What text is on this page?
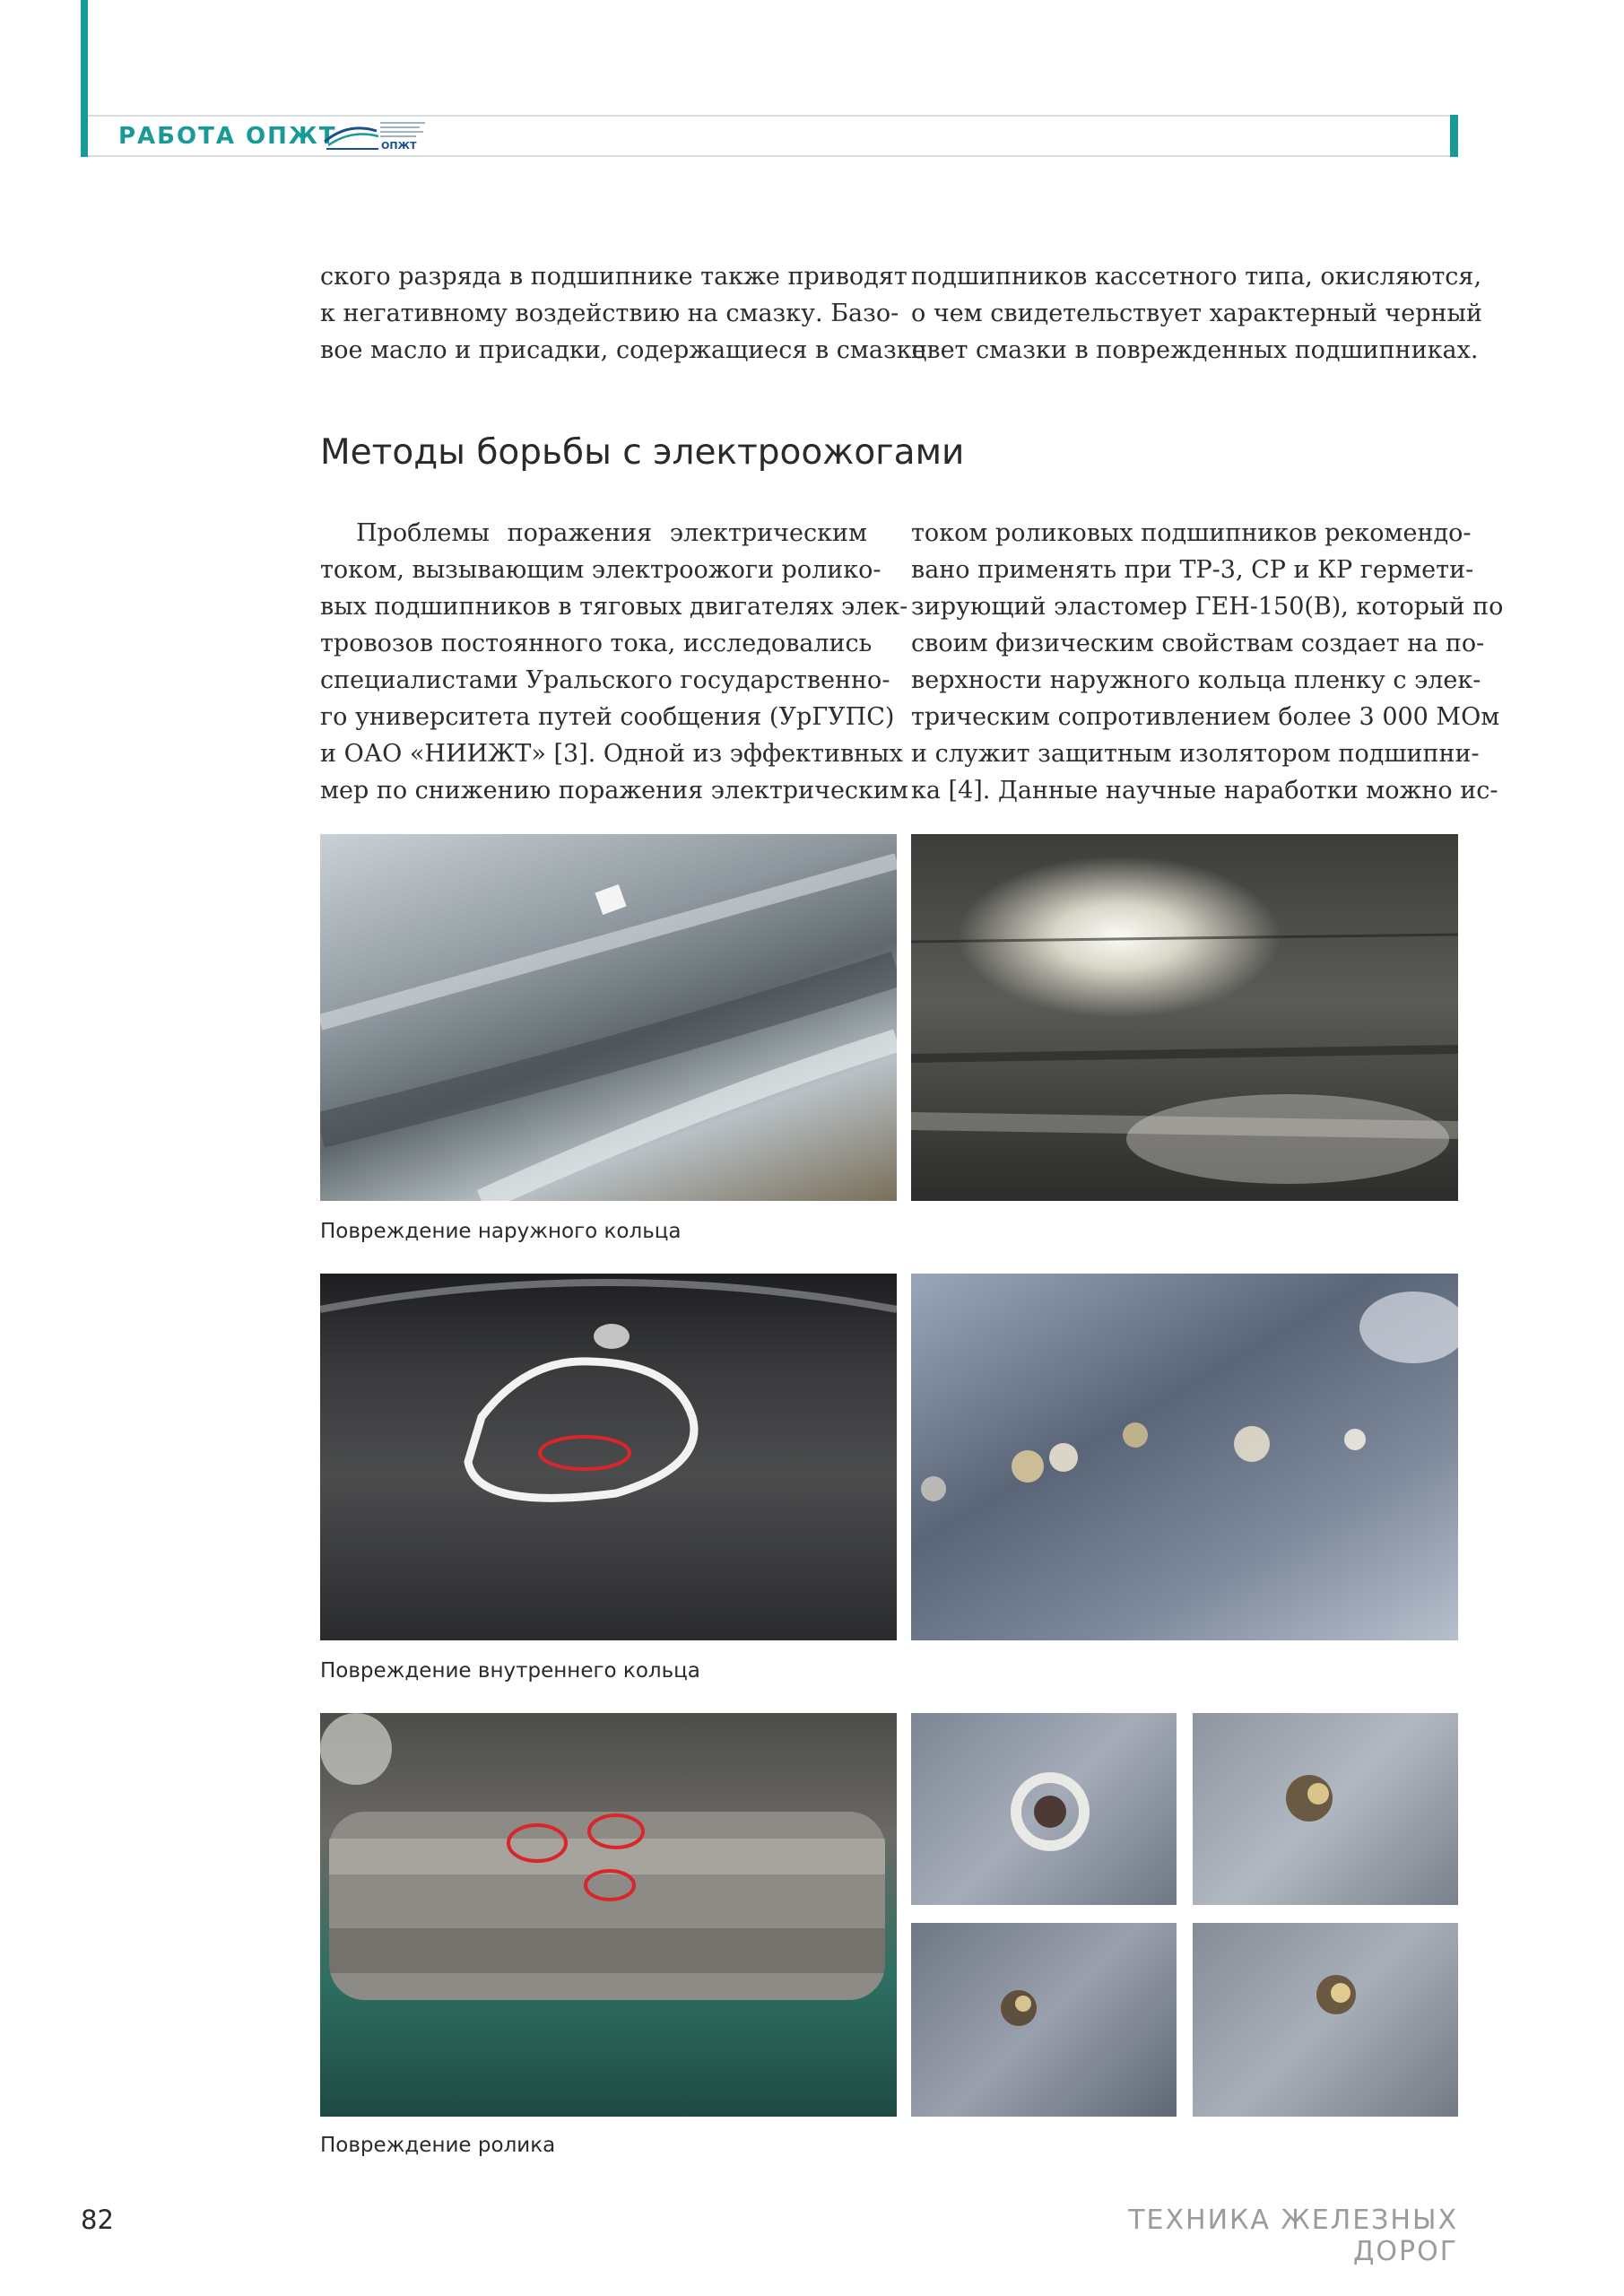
РАБОТА ОПЖТ	ОПЖТ
ского разряда в подшипнике также приводят
к негативному воздействию на смазку. Базо-
вое масло и присадки, содержащиеся в смазке
подшипников кассетного типа, окисляются,
о чем свидетельствует характерный черный
цвет смазки в поврежденных подшипниках.
Методы борьбы с электроожогами
Проблемы поражения электрическим
током, вызывающим электроожоги ролико-
вых подшипников в тяговых двигателях элек-
тровозов постоянного тока, исследовались
специалистами Уральского государственно-
го университета путей сообщения (УрГУПС)
и ОАО «НИИЖТ» [3]. Одной из эффективных
мер по снижению поражения электрическим
током роликовых подшипников рекомендо-
вано применять при ТР-3, СР и КР гермети-
зирующий эластомер ГЕН-150(В), который по
своим физическим свойствам создает на по-
верхности наружного кольца пленку с элек-
трическим сопротивлением более 3 000 МОм
и служит защитным изолятором подшипни-
ка [4]. Данные научные наработки можно ис-
Повреждение наружного кольца
Повреждение внутреннего кольца
Повреждение ролика
82	ТЕХНИКА ЖЕЛЕЗНЫХ ДОРОГ
